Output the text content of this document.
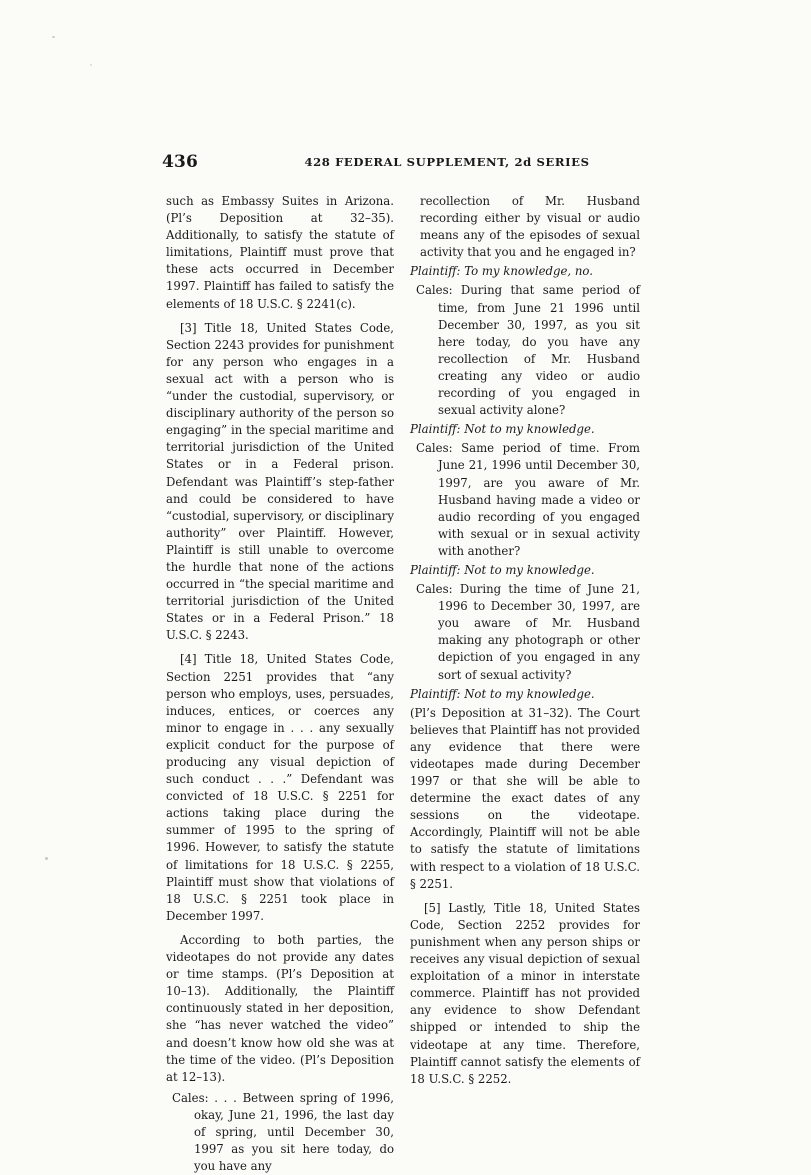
436	428 FEDERAL SUPPLEMENT, 2d SERIES

such as Embassy Suites in Arizona. (Pl’s Deposition at 32–35). Additionally, to satisfy the statute of limitations, Plaintiff must prove that these acts occurred in December 1997. Plaintiff has failed to satisfy the elements of 18 U.S.C. § 2241(c).

[3] Title 18, United States Code, Section 2243 provides for punishment for any person who engages in a sexual act with a person who is “under the custodial, supervisory, or disciplinary authority of the person so engaging” in the special maritime and territorial jurisdiction of the United States or in a Federal prison. Defendant was Plaintiff’s step-father and could be considered to have “custodial, supervisory, or disciplinary authority” over Plaintiff. However, Plaintiff is still unable to overcome the hurdle that none of the actions occurred in “the special maritime and territorial jurisdiction of the United States or in a Federal Prison.” 18 U.S.C. § 2243.

[4] Title 18, United States Code, Section 2251 provides that “any person who employs, uses, persuades, induces, entices, or coerces any minor to engage in . . . any sexually explicit conduct for the purpose of producing any visual depiction of such conduct . . .” Defendant was convicted of 18 U.S.C. § 2251 for actions taking place during the summer of 1995 to the spring of 1996. However, to satisfy the statute of limitations for 18 U.S.C. § 2255, Plaintiff must show that violations of 18 U.S.C. § 2251 took place in December 1997.

According to both parties, the videotapes do not provide any dates or time stamps. (Pl’s Deposition at 10–13). Additionally, the Plaintiff continuously stated in her deposition, she “has never watched the video” and doesn’t know how old she was at the time of the video. (Pl’s Deposition at 12–13).

Cales: . . . Between spring of 1996, okay, June 21, 1996, the last day of spring, until December 30, 1997 as you sit here today, do you have any

recollection of Mr. Husband recording either by visual or audio means any of the episodes of sexual activity that you and he engaged in?

Plaintiff: To my knowledge, no.

Cales: During that same period of time, from June 21 1996 until December 30, 1997, as you sit here today, do you have any recollection of Mr. Husband creating any video or audio recording of you engaged in sexual activity alone?

Plaintiff: Not to my knowledge.

Cales: Same period of time. From June 21, 1996 until December 30, 1997, are you aware of Mr. Husband having made a video or audio recording of you engaged with sexual or in sexual activity with another?

Plaintiff: Not to my knowledge.

Cales: During the time of June 21, 1996 to December 30, 1997, are you aware of Mr. Husband making any photograph or other depiction of you engaged in any sort of sexual activity?

Plaintiff: Not to my knowledge.

(Pl’s Deposition at 31–32). The Court believes that Plaintiff has not provided any evidence that there were videotapes made during December 1997 or that she will be able to determine the exact dates of any sessions on the videotape. Accordingly, Plaintiff will not be able to satisfy the statute of limitations with respect to a violation of 18 U.S.C. § 2251.

[5] Lastly, Title 18, United States Code, Section 2252 provides for punishment when any person ships or receives any visual depiction of sexual exploitation of a minor in interstate commerce. Plaintiff has not provided any evidence to show Defendant shipped or intended to ship the videotape at any time. Therefore, Plaintiff cannot satisfy the elements of 18 U.S.C. § 2252.
